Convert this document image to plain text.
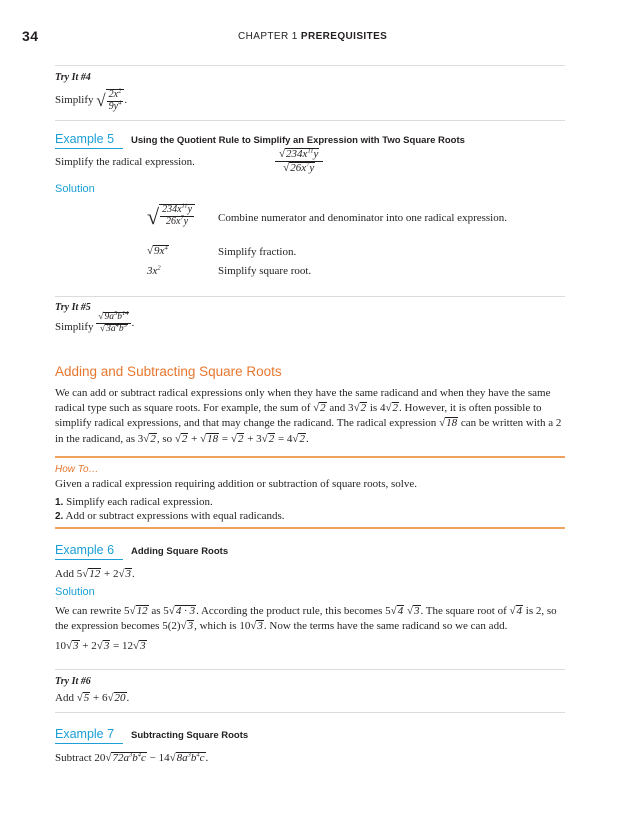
34	CHAPTER 1 PREREQUISITES
Try It #4
Simplify √ $\frac{2x^2}{9y^4}$ .
Example 5 Using the Quotient Rule to Simplify an Expression with Two Square Roots
Simplify the radical expression.
$√234x^{11}y$
$√26x^7y$
Solution
√ $\frac{234x^{11}y}{26x^7y}$ Combine numerator and denominator into one radical expression.
$√9x^4$	Simplify fraction.
$3x^2$	Simplify square root.
Try It #5
Simplify $\frac{√9a^5b^{14}}{√3a^4b^5}$ .
Adding and Subtracting Square Roots
We can add or subtract radical expressions only when they have the same radicand and when they have the same
radical type such as square roots. For example, the sum of √2 and 3√2 is 4√2. However, it is often possible to
simplify radical expressions, and that may change the radicand. The radical expression √18 can be written with a 2
in the radicand, as 3√2, so √2 + √18 = √2 + 3√2 = 4√2.
How To…
Given a radical expression requiring addition or subtraction of square roots, solve.
1. Simplify each radical expression.
2. Add or subtract expressions with equal radicands.
Example 6 Adding Square Roots
Add 5√12 + 2√3.
Solution
We can rewrite 5√12 as 5√4 · 3. According the product rule, this becomes 5√4 √3. The square root of √4 is 2, so
the expression becomes 5(2)√3, which is 10√3. Now the terms have the same radicand so we can add.
10√3 + 2√3 = 12√3
Try It #6
Add √5 + 6√20.
Example 7 Subtracting Square Roots
Subtract $20√72a^3b^4c - 14√8a^3b^4c$.
